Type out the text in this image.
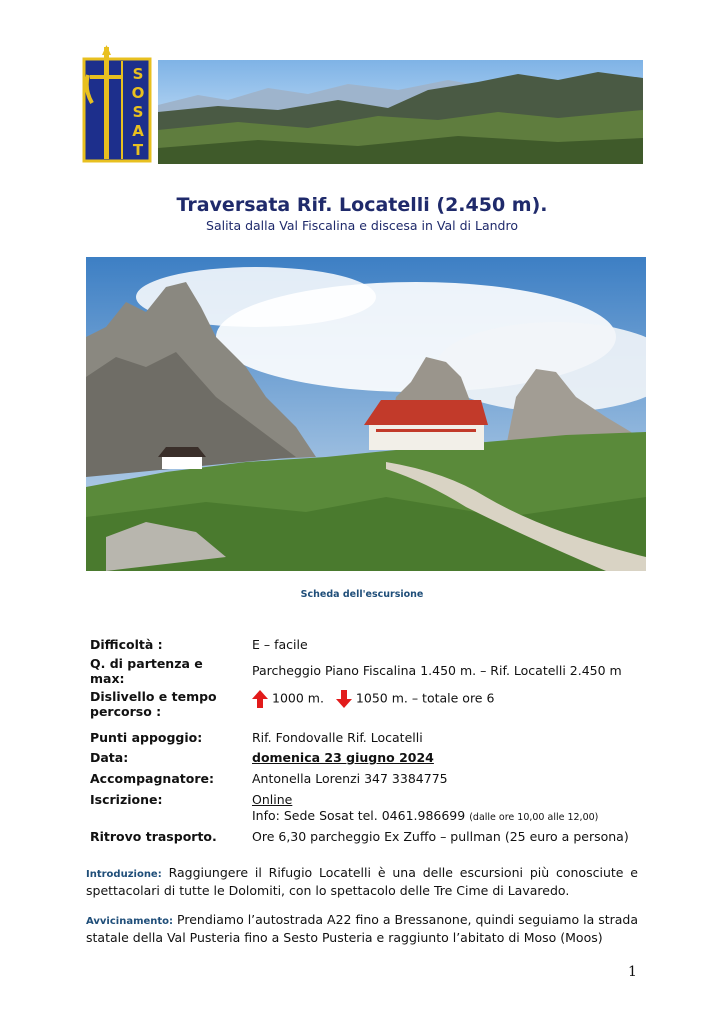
S
O
S
A
T
Traversata Rif. Locatelli (2.450 m).
Salita dalla Val Fiscalina e discesa in Val di Landro
Scheda dell'escursione
Difficoltà :	E – facile
Q. di partenza e max:
Parcheggio Piano Fiscalina 1.450 m. – Rif. Locatelli 2.450 m
Dislivello e tempo percorso :
1000 m.	1050 m. – totale ore 6
Punti appoggio:	Rif. Fondovalle Rif. Locatelli
Data:	domenica 23 giugno 2024
Accompagnatore:	Antonella Lorenzi 347 3384775
Iscrizione:	Online
Info: Sede Sosat tel. 0461.986699 (dalle ore 10,00 alle 12,00)
Ritrovo trasporto.	Ore 6,30 parcheggio Ex Zuffo – pullman (25 euro a persona)
Introduzione: Raggiungere il Rifugio Locatelli è una delle escursioni più conosciute e spettacolari di tutte le Dolomiti, con lo spettacolo delle Tre Cime di Lavaredo.
Avvicinamento: Prendiamo l’autostrada A22 fino a Bressanone, quindi seguiamo la strada statale della Val Pusteria fino a Sesto Pusteria e raggiunto l’abitato di Moso (Moos)
1
